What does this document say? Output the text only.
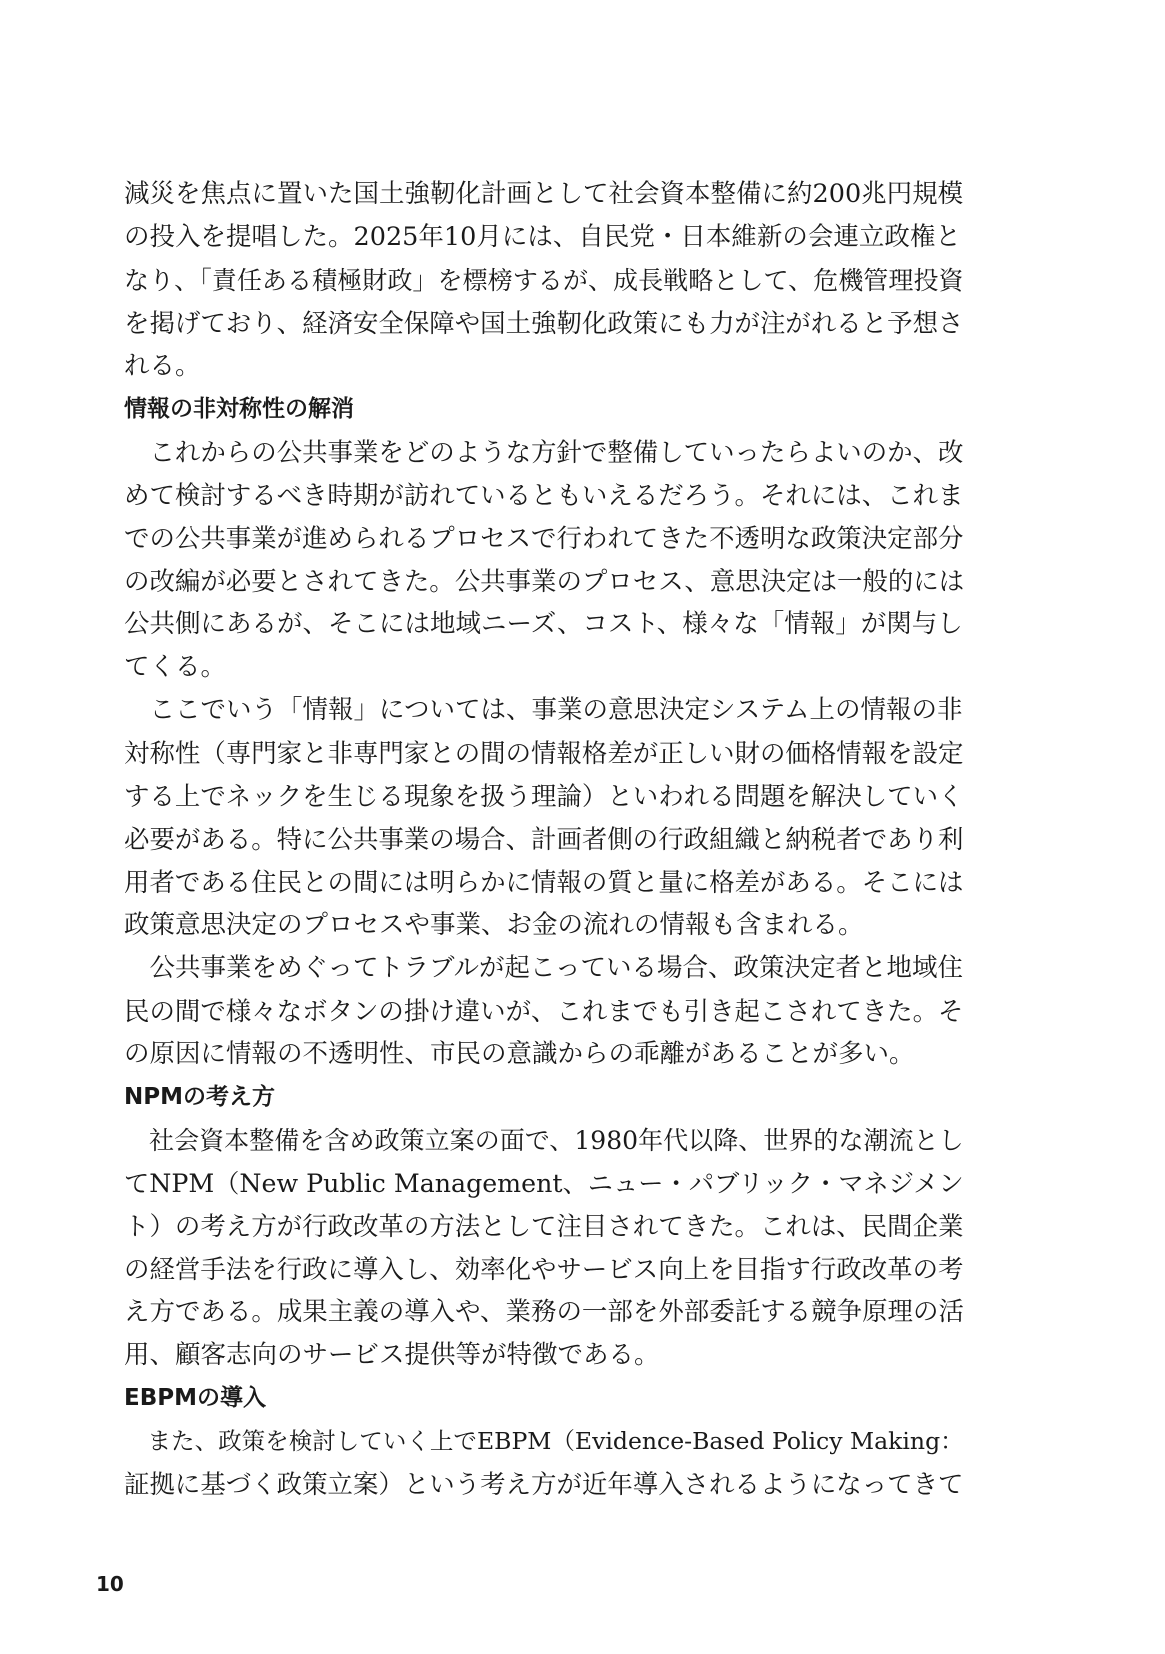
減災を焦点に置いた国土強靭化計画として社会資本整備に約200兆円規模
の投入を提唱した。2025年10月には、自民党・日本維新の会連立政権と
なり、「責任ある積極財政」を標榜するが、成長戦略として、危機管理投資
を掲げており、経済安全保障や国土強靭化政策にも力が注がれると予想さ
れる。
情報の非対称性の解消
　これからの公共事業をどのような方針で整備していったらよいのか、改
めて検討するべき時期が訪れているともいえるだろう。それには、これま
での公共事業が進められるプロセスで行われてきた不透明な政策決定部分
の改編が必要とされてきた。公共事業のプロセス、意思決定は一般的には
公共側にあるが、そこには地域ニーズ、コスト、様々な「情報」が関与し
てくる。
　ここでいう「情報」については、事業の意思決定システム上の情報の非
対称性（専門家と非専門家との間の情報格差が正しい財の価格情報を設定
する上でネックを生じる現象を扱う理論）といわれる問題を解決していく
必要がある。特に公共事業の場合、計画者側の行政組織と納税者であり利
用者である住民との間には明らかに情報の質と量に格差がある。そこには
政策意思決定のプロセスや事業、お金の流れの情報も含まれる。
　公共事業をめぐってトラブルが起こっている場合、政策決定者と地域住
民の間で様々なボタンの掛け違いが、これまでも引き起こされてきた。そ
の原因に情報の不透明性、市民の意識からの乖離があることが多い。
NPMの考え方
　社会資本整備を含め政策立案の面で、1980年代以降、世界的な潮流とし
てNPM（New Public Management、ニュー・パブリック・マネジメン
ト）の考え方が行政改革の方法として注目されてきた。これは、民間企業
の経営手法を行政に導入し、効率化やサービス向上を目指す行政改革の考
え方である。成果主義の導入や、業務の一部を外部委託する競争原理の活
用、顧客志向のサービス提供等が特徴である。
EBPMの導入
　また、政策を検討していく上でEBPM（Evidence-Based Policy Making：
証拠に基づく政策立案）という考え方が近年導入されるようになってきて
10
